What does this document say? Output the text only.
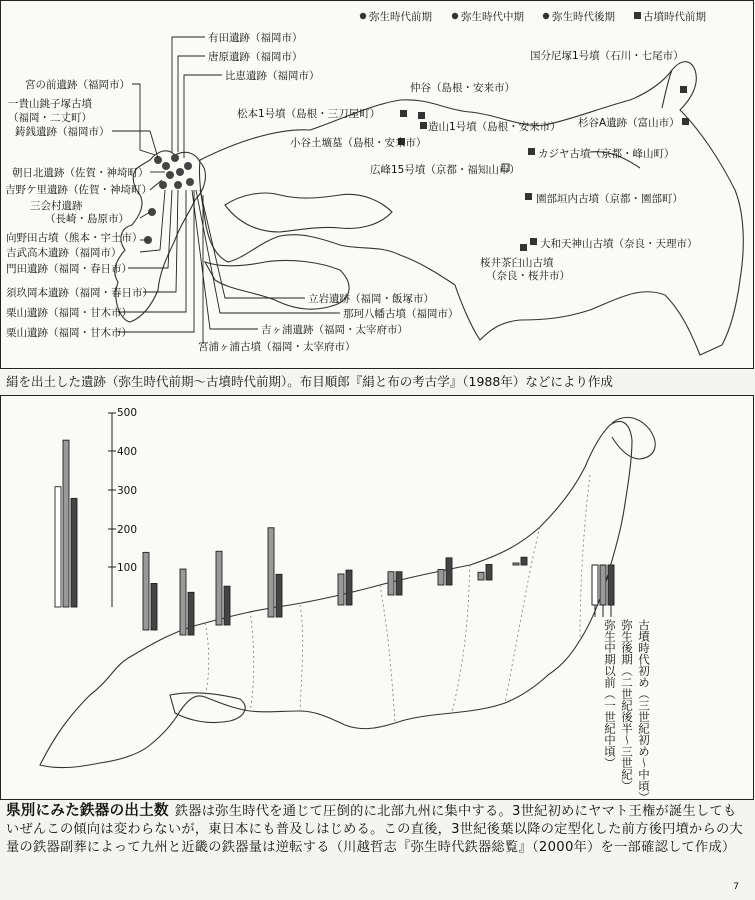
弥生時代前期	弥生時代中期	弥生時代後期	古墳時代前期
有田遺跡（福岡市）
唐原遺跡（福岡市）
比恵遺跡（福岡市）
宮の前遺跡（福岡市）
一貴山銚子塚古墳
（福岡・二丈町）
鋳銭遺跡（福岡市）
朝日北遺跡（佐賀・神埼町）
吉野ケ里遺跡（佐賀・神埼町）
三会村遺跡
（長崎・島原市）
向野田古墳（熊本・宇土市）
吉武高木遺跡（福岡市）
門田遺跡（福岡・春日市）
須玖岡本遺跡（福岡・春日市）
栗山遺跡（福岡・甘木市）
栗山遺跡（福岡・甘木市）
立岩遺跡（福岡・飯塚市）
那珂八幡古墳（福岡市）
吉ヶ浦遺跡（福岡・太宰府市）
宮浦ヶ浦古墳（福岡・太宰府市）
松本1号墳（島根・三刀屋町）
小谷土壙墓（島根・安来市）
仲谷（島根・安来市）
造山1号墳（島根・安来市）
広峰15号墳（京都・福知山市）
国分尼塚1号墳（石川・七尾市）
杉谷A遺跡（富山市）
カジヤ古墳（京都・峰山町）
園部垣内古墳（京都・園部町）
大和天神山古墳（奈良・天理市）
桜井茶臼山古墳
（奈良・桜井市）
絹を出土した遺跡（弥生時代前期～古墳時代前期）。布目順郎『絹と布の考古学』（1988年）などにより作成
500
400
300
200
100
古墳時代初め（三世紀初め～中頃）
弥生後期（二世紀後半～三世紀）
弥生中期以前（一世紀中頃）
県別にみた鉄器の出土数 鉄器は弥生時代を通じて圧倒的に北部九州に集中する。3世紀初めにヤマト王権が誕生してもいぜんこの傾向は変わらないが，東日本にも普及しはじめる。この直後，3世紀後葉以降の定型化した前方後円墳からの大量の鉄器副葬によって九州と近畿の鉄器量は逆転する（川越哲志『弥生時代鉄器総覧』（2000年）を一部確認して作成）
7
